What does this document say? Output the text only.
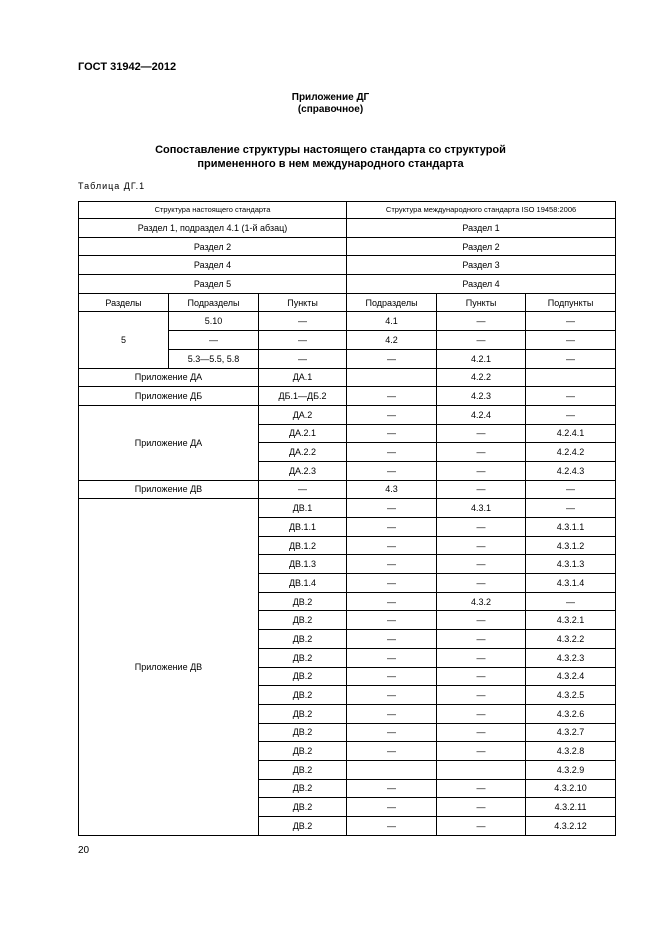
ГОСТ 31942—2012
Приложение ДГ
(справочное)
Сопоставление структуры настоящего стандарта со структурой
примененного в нем международного стандарта
Таблица ДГ.1
Структура настоящего стандарта			Структура международного стандарта ISO 19458:2006		
Раздел 1, подраздел 4.1 (1-й абзац)			Раздел 1		
Раздел 2			Раздел 2		
Раздел 4			Раздел 3		
Раздел 5			Раздел 4		
Разделы	Подразделы	Пункты	Подразделы	Пункты	Подпункты
5	5.10	—	4.1	—	—
	—	—	4.2	—	—
	5.3—5.5, 5.8	—	—	4.2.1	—
Приложение ДА		ДА.1		4.2.2	
Приложение ДБ		ДБ.1—ДБ.2	—	4.2.3	—
Приложение ДА		ДА.2	—	4.2.4	—
		ДА.2.1	—	—	4.2.4.1
		ДА.2.2	—	—	4.2.4.2
		ДА.2.3	—	—	4.2.4.3
Приложение ДВ		—	4.3	—	—
Приложение ДВ		ДВ.1	—	4.3.1	—
		ДВ.1.1	—	—	4.3.1.1
		ДВ.1.2	—	—	4.3.1.2
		ДВ.1.3	—	—	4.3.1.3
		ДВ.1.4	—	—	4.3.1.4
		ДВ.2	—	4.3.2	—
		ДВ.2	—	—	4.3.2.1
		ДВ.2	—	—	4.3.2.2
		ДВ.2	—	—	4.3.2.3
		ДВ.2	—	—	4.3.2.4
		ДВ.2	—	—	4.3.2.5
		ДВ.2	—	—	4.3.2.6
		ДВ.2	—	—	4.3.2.7
		ДВ.2	—	—	4.3.2.8
		ДВ.2			4.3.2.9
		ДВ.2	—	—	4.3.2.10
		ДВ.2	—	—	4.3.2.11
		ДВ.2	—	—	4.3.2.12
20
